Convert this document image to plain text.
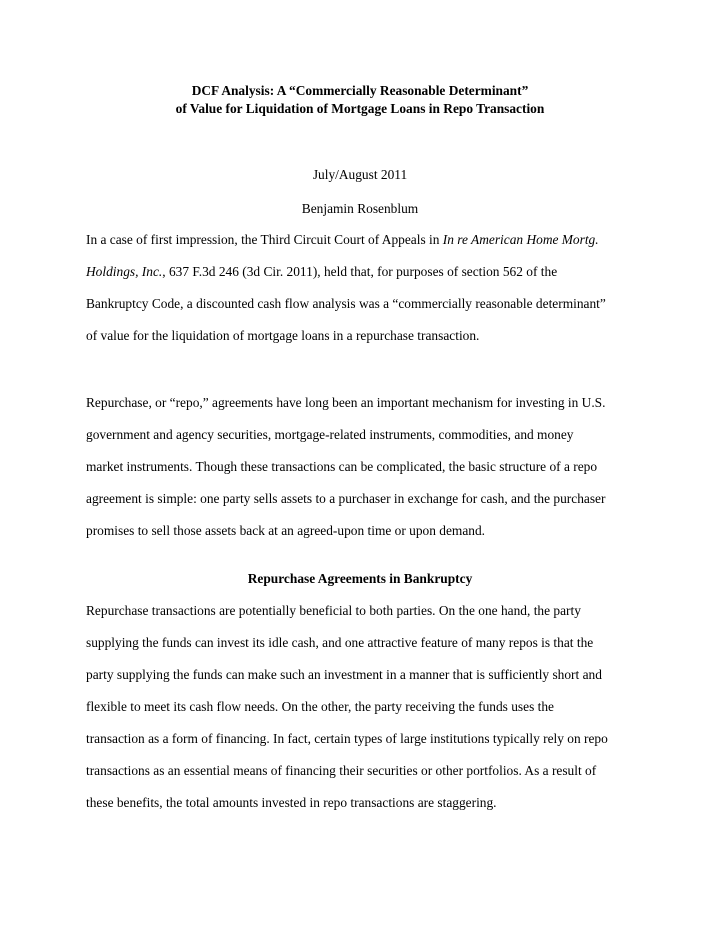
DCF Analysis: A “Commercially Reasonable Determinant”
of Value for Liquidation of Mortgage Loans in Repo Transaction
July/August 2011
Benjamin Rosenblum
In a case of first impression, the Third Circuit Court of Appeals in In re American Home Mortg.
Holdings, Inc., 637 F.3d 246 (3d Cir. 2011), held that, for purposes of section 562 of the
Bankruptcy Code, a discounted cash flow analysis was a “commercially reasonable determinant”
of value for the liquidation of mortgage loans in a repurchase transaction.
Repurchase, or “repo,” agreements have long been an important mechanism for investing in U.S.
government and agency securities, mortgage-related instruments, commodities, and money
market instruments. Though these transactions can be complicated, the basic structure of a repo
agreement is simple: one party sells assets to a purchaser in exchange for cash, and the purchaser
promises to sell those assets back at an agreed-upon time or upon demand.
Repurchase Agreements in Bankruptcy
Repurchase transactions are potentially beneficial to both parties. On the one hand, the party
supplying the funds can invest its idle cash, and one attractive feature of many repos is that the
party supplying the funds can make such an investment in a manner that is sufficiently short and
flexible to meet its cash flow needs. On the other, the party receiving the funds uses the
transaction as a form of financing. In fact, certain types of large institutions typically rely on repo
transactions as an essential means of financing their securities or other portfolios. As a result of
these benefits, the total amounts invested in repo transactions are staggering.
